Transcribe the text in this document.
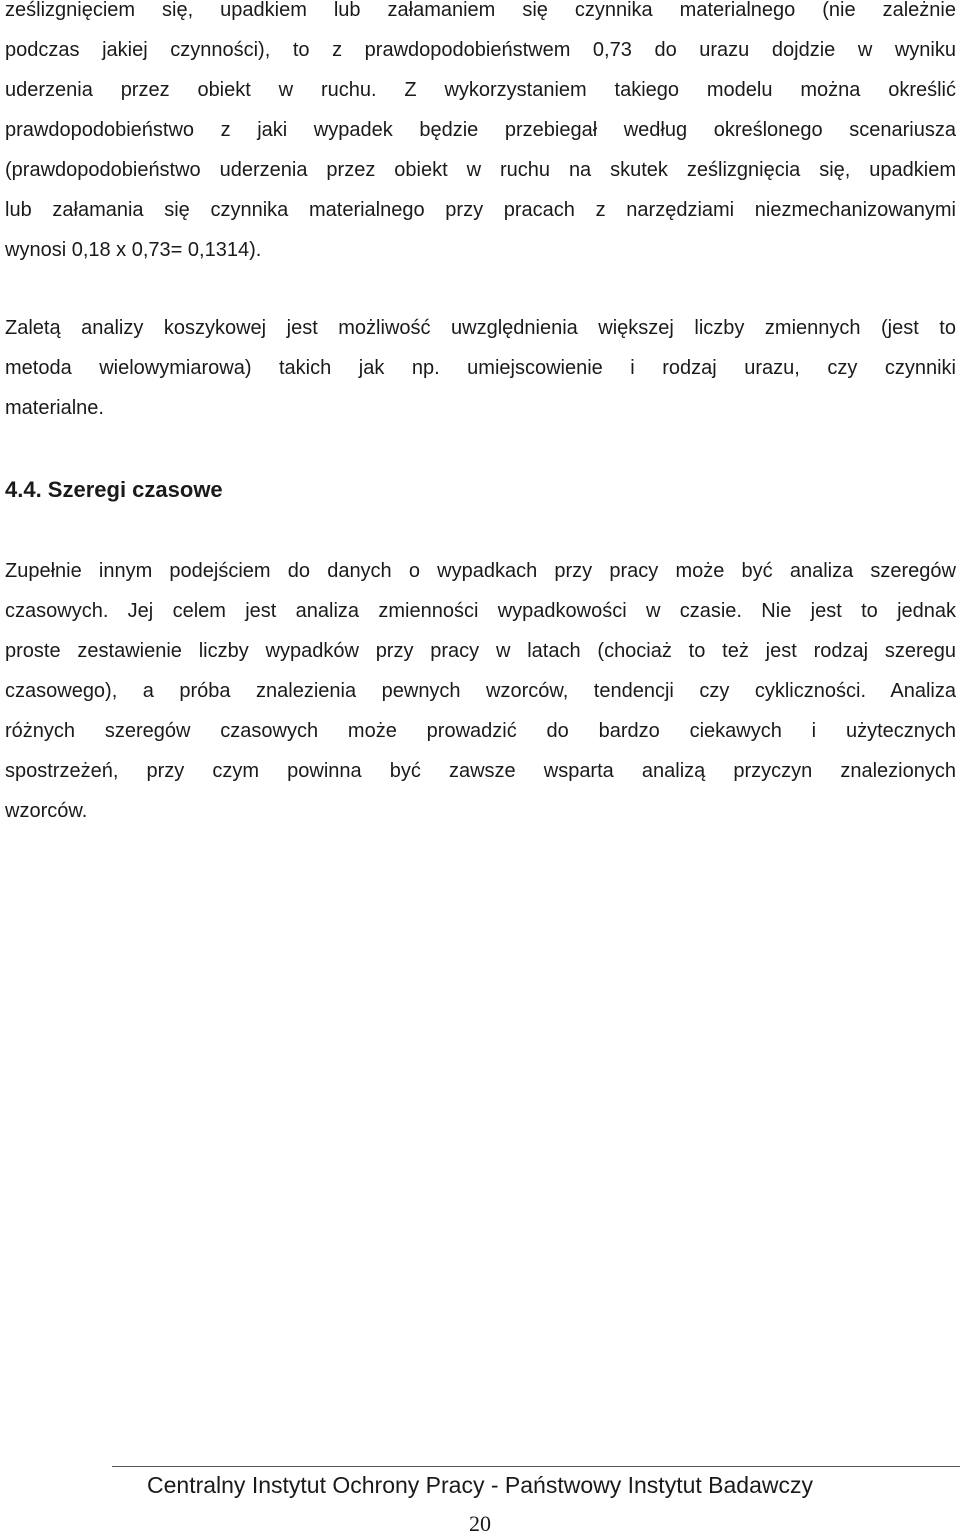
ześlizgnięciem się, upadkiem lub załamaniem się czynnika materialnego (nie zależnie
podczas jakiej czynności), to z prawdopodobieństwem 0,73 do urazu dojdzie w wyniku
uderzenia przez obiekt w ruchu. Z wykorzystaniem takiego modelu można określić
prawdopodobieństwo z jaki wypadek będzie przebiegał według określonego scenariusza
(prawdopodobieństwo uderzenia przez obiekt w ruchu na skutek ześlizgnięcia się, upadkiem
lub załamania się czynnika materialnego przy pracach z narzędziami niezmechanizowanymi
wynosi 0,18 x 0,73= 0,1314).
Zaletą analizy koszykowej jest możliwość uwzględnienia większej liczby zmiennych (jest to
metoda wielowymiarowa) takich jak np. umiejscowienie i rodzaj urazu, czy czynniki
materialne.
4.4. Szeregi czasowe
Zupełnie innym podejściem do danych o wypadkach przy pracy może być analiza szeregów
czasowych. Jej celem jest analiza zmienności wypadkowości w czasie. Nie jest to jednak
proste zestawienie liczby wypadków przy pracy w latach (chociaż to też jest rodzaj szeregu
czasowego), a próba znalezienia pewnych wzorców, tendencji czy cykliczności. Analiza
różnych szeregów czasowych może prowadzić do bardzo ciekawych i użytecznych
spostrzeżeń, przy czym powinna być zawsze wsparta analizą przyczyn znalezionych
wzorców.
Centralny Instytut Ochrony Pracy - Państwowy Instytut Badawczy
20
